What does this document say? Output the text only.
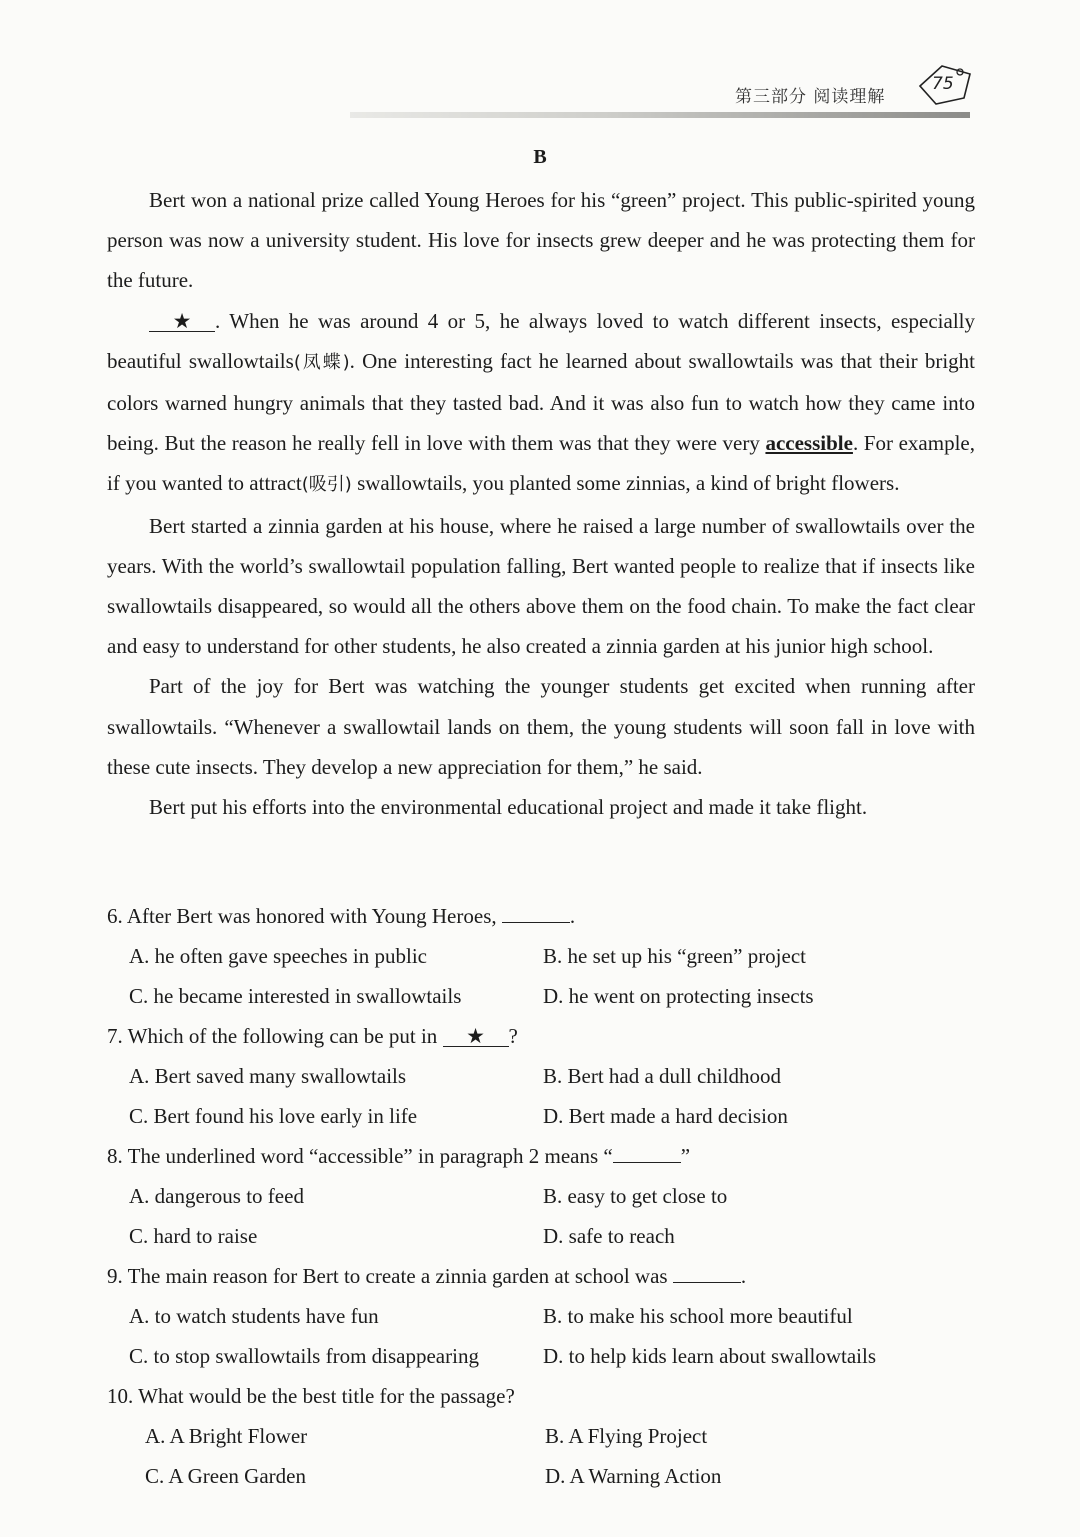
第三部分 阅读理解
75
B

Bert won a national prize called Young Heroes for his “green” project. This public-spirited young person was now a university student. His love for insects grew deeper and he was protecting them for the future.

★ . When he was around 4 or 5, he always loved to watch different insects, especially beautiful swallowtails(凤蝶). One interesting fact he learned about swallowtails was that their bright colors warned hungry animals that they tasted bad. And it was also fun to watch how they came into being. But the reason he really fell in love with them was that they were very accessible. For example, if you wanted to attract(吸引) swallowtails, you planted some zinnias, a kind of bright flowers.

Bert started a zinnia garden at his house, where he raised a large number of swallowtails over the years. With the world’s swallowtail population falling, Bert wanted people to realize that if insects like swallowtails disappeared, so would all the others above them on the food chain. To make the fact clear and easy to understand for other students, he also created a zinnia garden at his junior high school.

Part of the joy for Bert was watching the younger students get excited when running after swallowtails. “Whenever a swallowtail lands on them, the young students will soon fall in love with these cute insects. They develop a new appreciation for them,” he said.

Bert put his efforts into the environmental educational project and made it take flight.

6. After Bert was honored with Young Heroes,	.
A. he often gave speeches in public	B. he set up his “green” project
C. he became interested in swallowtails	D. he went on protecting insects
7. Which of the following can be put in ★ ?
A. Bert saved many swallowtails	B. Bert had a dull childhood
C. Bert found his love early in life	D. Bert made a hard decision
8. The underlined word “accessible” in paragraph 2 means “	”
A. dangerous to feed	B. easy to get close to
C. hard to raise	D. safe to reach
9. The main reason for Bert to create a zinnia garden at school was	.
A. to watch students have fun	B. to make his school more beautiful
C. to stop swallowtails from disappearing	D. to help kids learn about swallowtails
10. What would be the best title for the passage?
A. A Bright Flower	B. A Flying Project
C. A Green Garden	D. A Warning Action
